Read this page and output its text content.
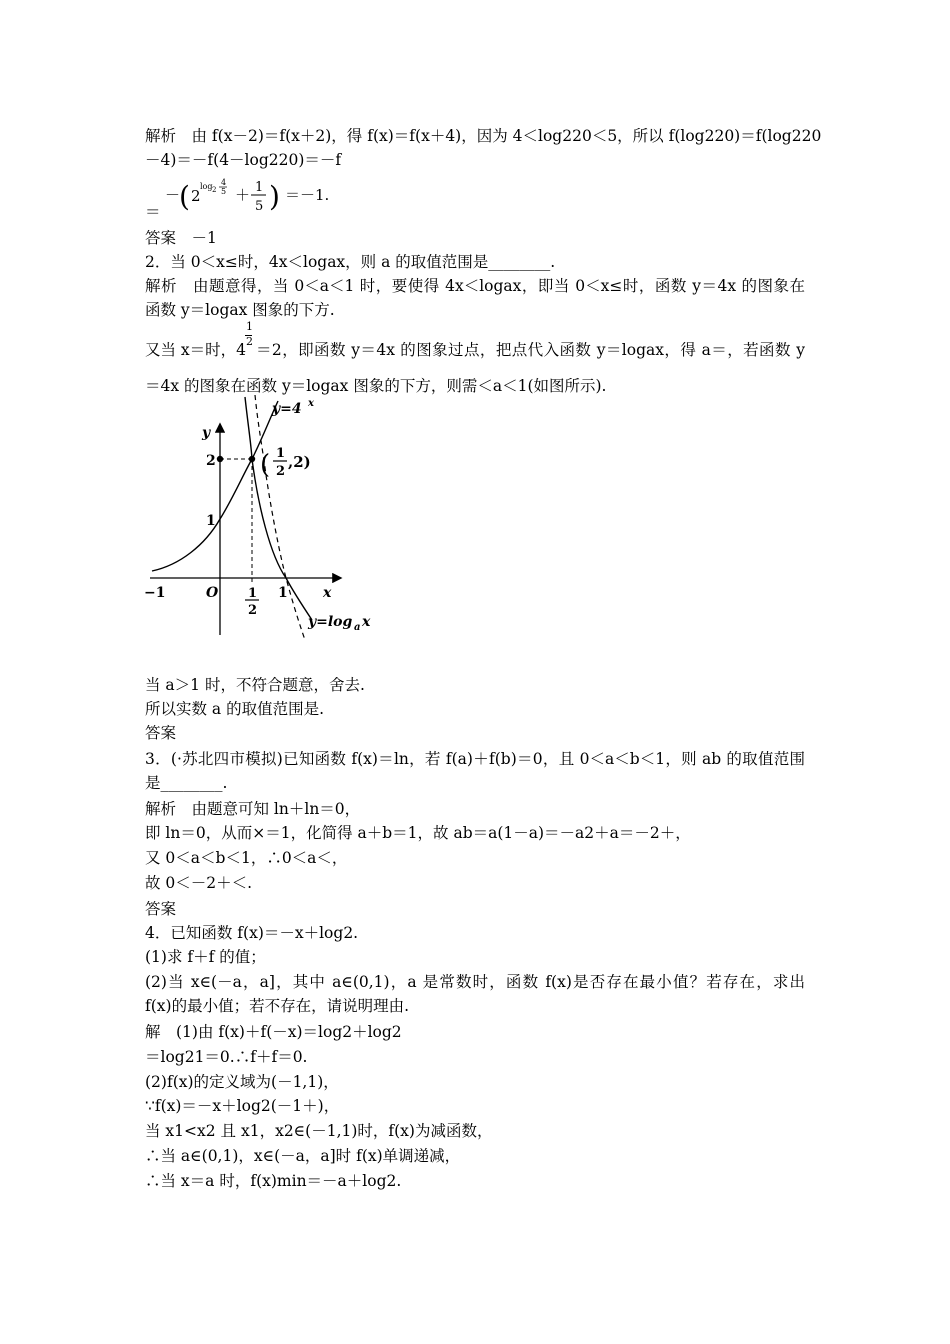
解析　由 f(x－2)＝f(x＋2)，得 f(x)＝f(x＋4)，因为 4＜log220＜5，所以 f(log220)＝f(log220
－4)＝－f(4－log220)＝－f
＝
－
( 2
log 2
4
5 ＋ 1
5 ) ＝－1.
答案　－1
2．当 0＜x≤时，4x＜logax，则 a 的取值范围是________.
解析　由题意得，当 0＜a＜1 时，要使得 4x＜logax，即当 0＜x≤时，函数 y＝4x 的图象在
函数 y＝logax 图象的下方.
又当 x＝时，4
1
2 ＝2，即函数 y＝4x 的图象过点，把点代入函数 y＝logax，得 a＝，若函数 y
＝4x 的图象在函数 y＝logax 图象的下方，则需＜a＜1(如图所示).
y
2
1
−1	O 1
2
1	x
( 1
2
,2)
y=4 x
y=log a x
当 a＞1 时，不符合题意，舍去.
所以实数 a 的取值范围是.
答案
3．(·苏北四市模拟)已知函数 f(x)＝ln，若 f(a)＋f(b)＝0，且 0＜a＜b＜1，则 ab 的取值范围
是________.
解析　由题意可知 ln＋ln＝0，
即 ln＝0，从而×＝1，化简得 a＋b＝1，故 ab＝a(1－a)＝－a2＋a＝－2＋，
又 0＜a＜b＜1，∴0＜a＜，
故 0＜－2＋＜.
答案
4．已知函数 f(x)＝－x＋log2.
(1)求 f＋f 的值；
(2)当 x∈(－a，a]，其中 a∈(0,1)，a 是常数时，函数 f(x)是否存在最小值？若存在，求出
f(x)的最小值；若不存在，请说明理由.
解　(1)由 f(x)＋f(－x)＝log2＋log2
＝log21＝0.∴f＋f＝0.
(2)f(x)的定义域为(－1,1)，
∵f(x)＝－x＋log2(－1＋)，
当 x1<x2 且 x1，x2∈(－1,1)时，f(x)为减函数，
∴当 a∈(0,1)，x∈(－a，a]时 f(x)单调递减，
∴当 x＝a 时，f(x)min＝－a＋log2.
